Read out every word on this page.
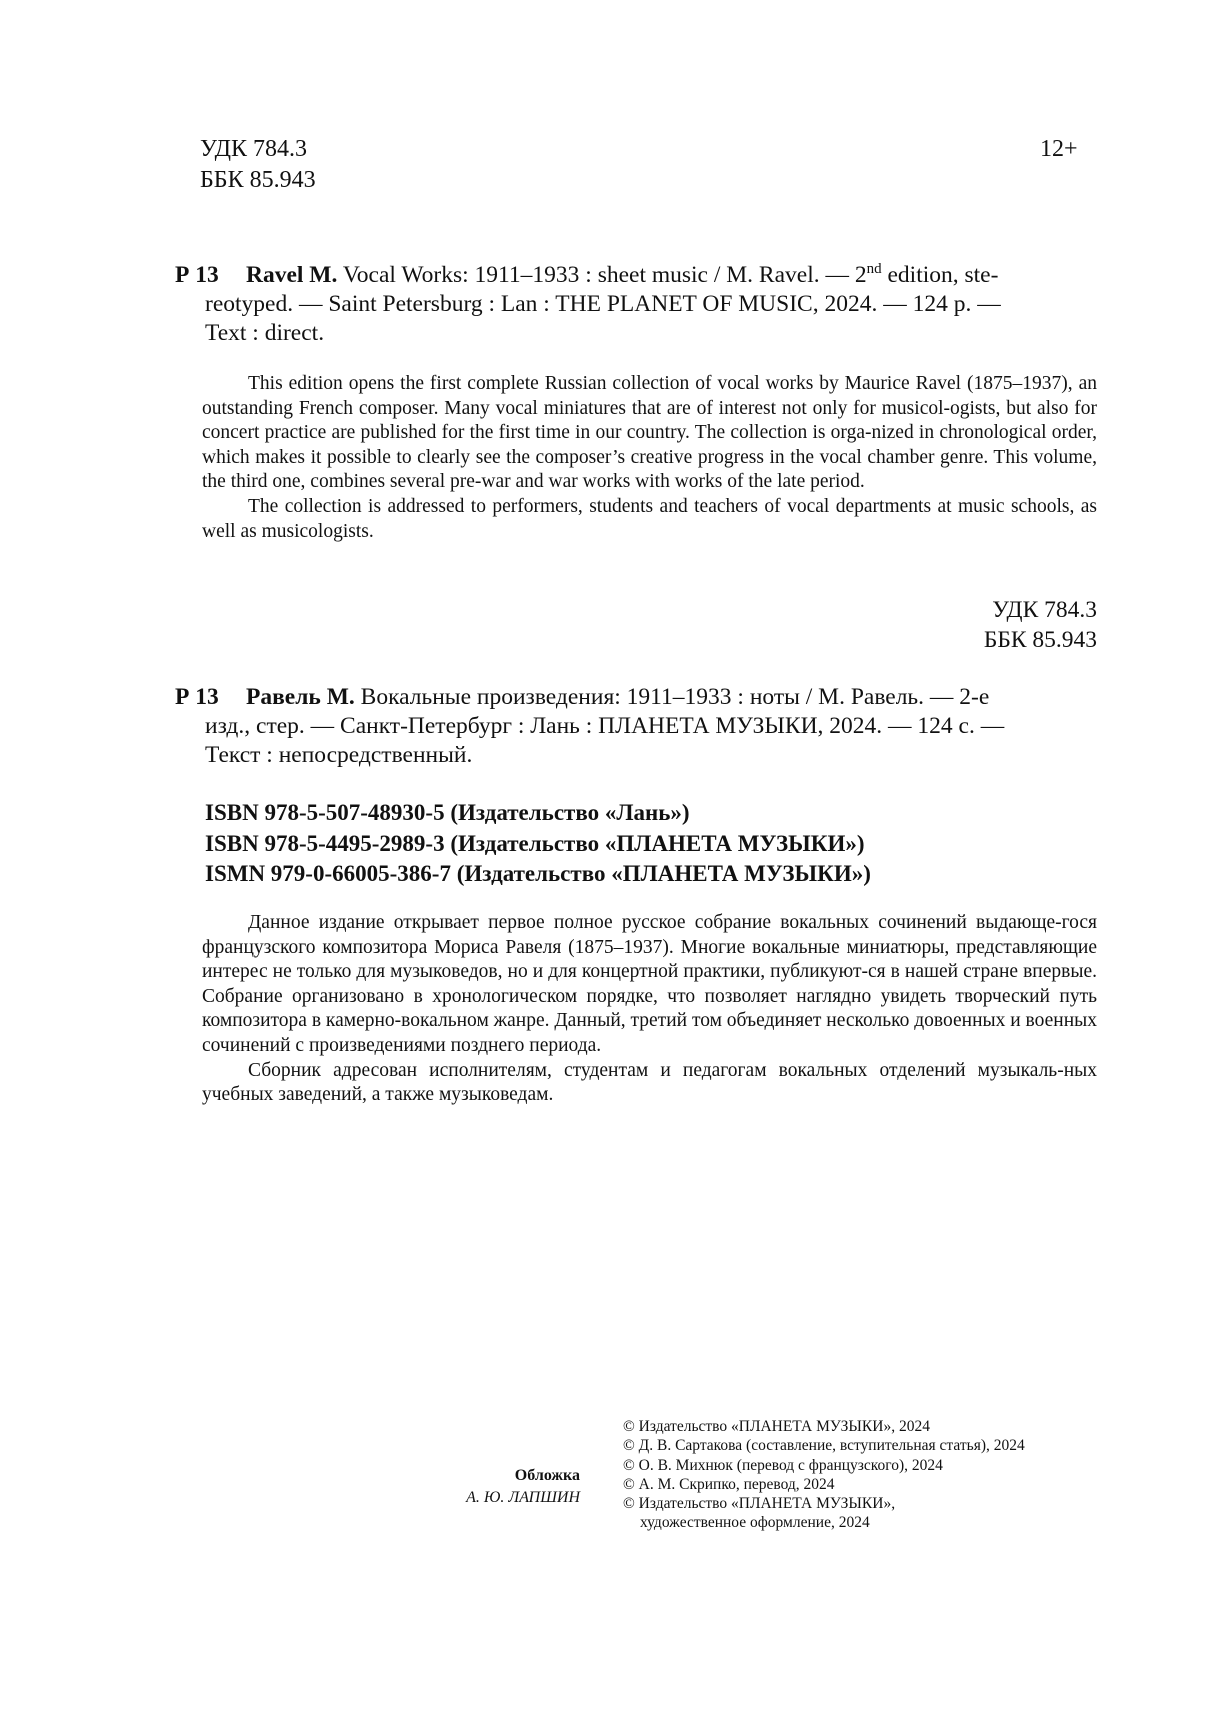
УДК 784.3
ББК 85.943
12+
Р 13 Ravel M. Vocal Works: 1911–1933 : sheet music / M. Ravel. — 2nd edition, ste-
reotyped. — Saint Petersburg : Lan : THE PLANET OF MUSIC, 2024. — 124 p. —
Text : direct.

This edition opens the first complete Russian collection of vocal works by Maurice Ravel (1875–1937), an outstanding French composer. Many vocal miniatures that are of interest not only for musicol-ogists, but also for concert practice are published for the first time in our country. The collection is orga-nized in chronological order, which makes it possible to clearly see the composer’s creative progress in the vocal chamber genre. This volume, the third one, combines several pre-war and war works with works of the late period.

The collection is addressed to performers, students and teachers of vocal departments at music schools, as well as musicologists.

УДК 784.3
ББК 85.943
Р 13 Равель М. Вокальные произведения: 1911–1933 : ноты / М. Равель. — 2-е
изд., стер. — Санкт-Петербург : Лань : ПЛАНЕТА МУЗЫКИ, 2024. — 124 с. —
Текст : непосредственный.
ISBN 978-5-507-48930-5 (Издательство «Лань»)
ISBN 978-5-4495-2989-3 (Издательство «ПЛАНЕТА МУЗЫКИ»)
ISMN 979-0-66005-386-7 (Издательство «ПЛАНЕТА МУЗЫКИ»)

Данное издание открывает первое полное русское собрание вокальных сочинений выдающе-гося французского композитора Мориса Равеля (1875–1937). Многие вокальные миниатюры, представляющие интерес не только для музыковедов, но и для концертной практики, публикуют-ся в нашей стране впервые. Собрание организовано в хронологическом порядке, что позволяет наглядно увидеть творческий путь композитора в камерно-вокальном жанре. Данный, третий том объединяет несколько довоенных и военных сочинений с произведениями позднего периода.

Сборник адресован исполнителям, студентам и педагогам вокальных отделений музыкаль-ных учебных заведений, а также музыковедам.

Обложка
А. Ю. ЛАПШИН
© Издательство «ПЛАНЕТА МУЗЫКИ», 2024
© Д. В. Сартакова (составление, вступительная статья), 2024
© О. В. Михнюк (перевод с французского), 2024
© А. М. Скрипко, перевод, 2024
© Издательство «ПЛАНЕТА МУЗЫКИ»,
художественное оформление, 2024
